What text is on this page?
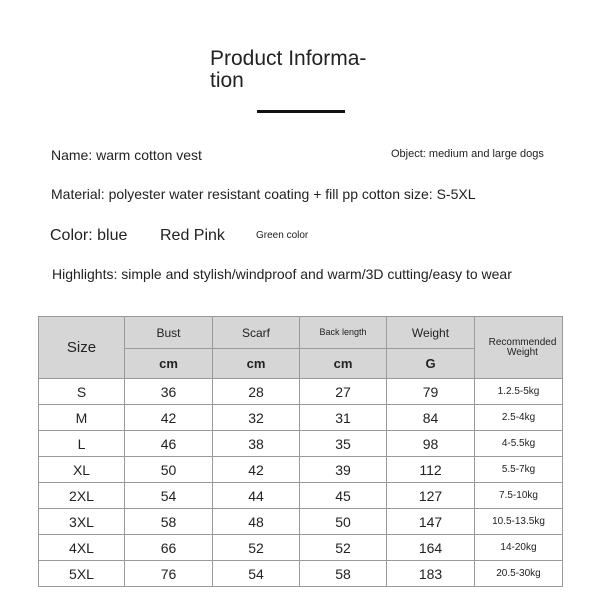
Product Informa-
tion
Name: warm cotton vest	Object: medium and large dogs
Material: polyester water resistant coating + fill pp cotton size: S-5XL
Color: blue Red Pink	Green color
Highlights: simple and stylish/windproof and warm/3D cutting/easy to wear
Size	Bust	Scarf	Back length	Weight	Recommended Weight
	cm	cm	cm	G	
S	36	28	27	79	1.2.5-5kg
M	42	32	31	84	2.5-4kg
L	46	38	35	98	4-5.5kg
XL	50	42	39	112	5.5-7kg
2XL	54	44	45	127	7.5-10kg
3XL	58	48	50	147	10.5-13.5kg
4XL	66	52	52	164	14-20kg
5XL	76	54	58	183	20.5-30kg
